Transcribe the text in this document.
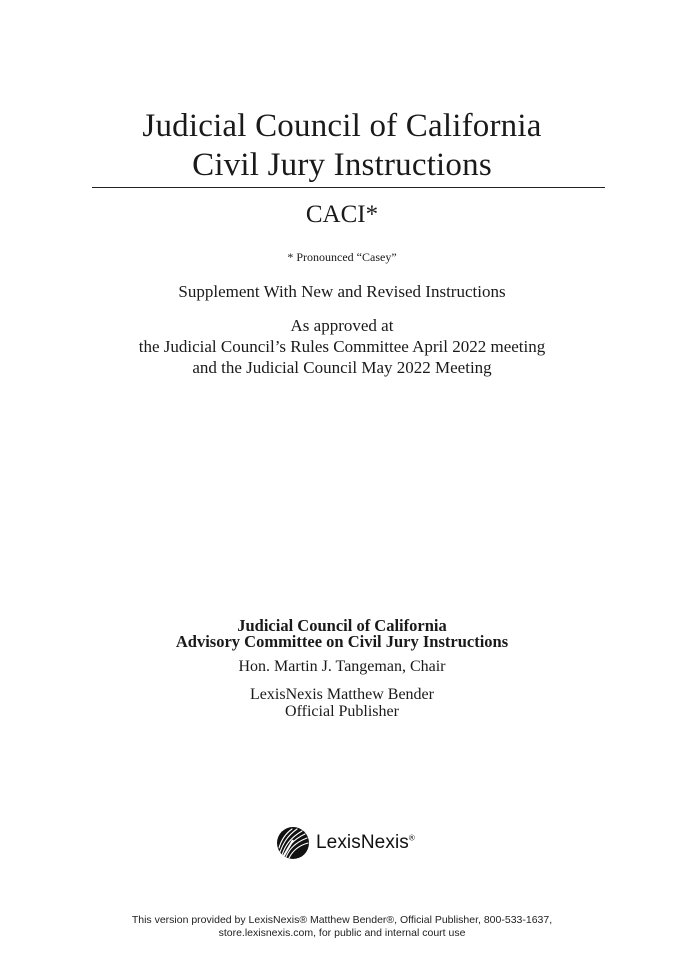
Judicial Council of California
Civil Jury Instructions
CACI*
* Pronounced “Casey”
Supplement With New and Revised Instructions
As approved at
the Judicial Council’s Rules Committee April 2022 meeting
and the Judicial Council May 2022 Meeting
Judicial Council of California
Advisory Committee on Civil Jury Instructions
Hon. Martin J. Tangeman, Chair
LexisNexis Matthew Bender
Official Publisher
LexisNexis®
This version provided by LexisNexis® Matthew Bender®, Official Publisher, 800-533-1637,
store.lexisnexis.com, for public and internal court use
